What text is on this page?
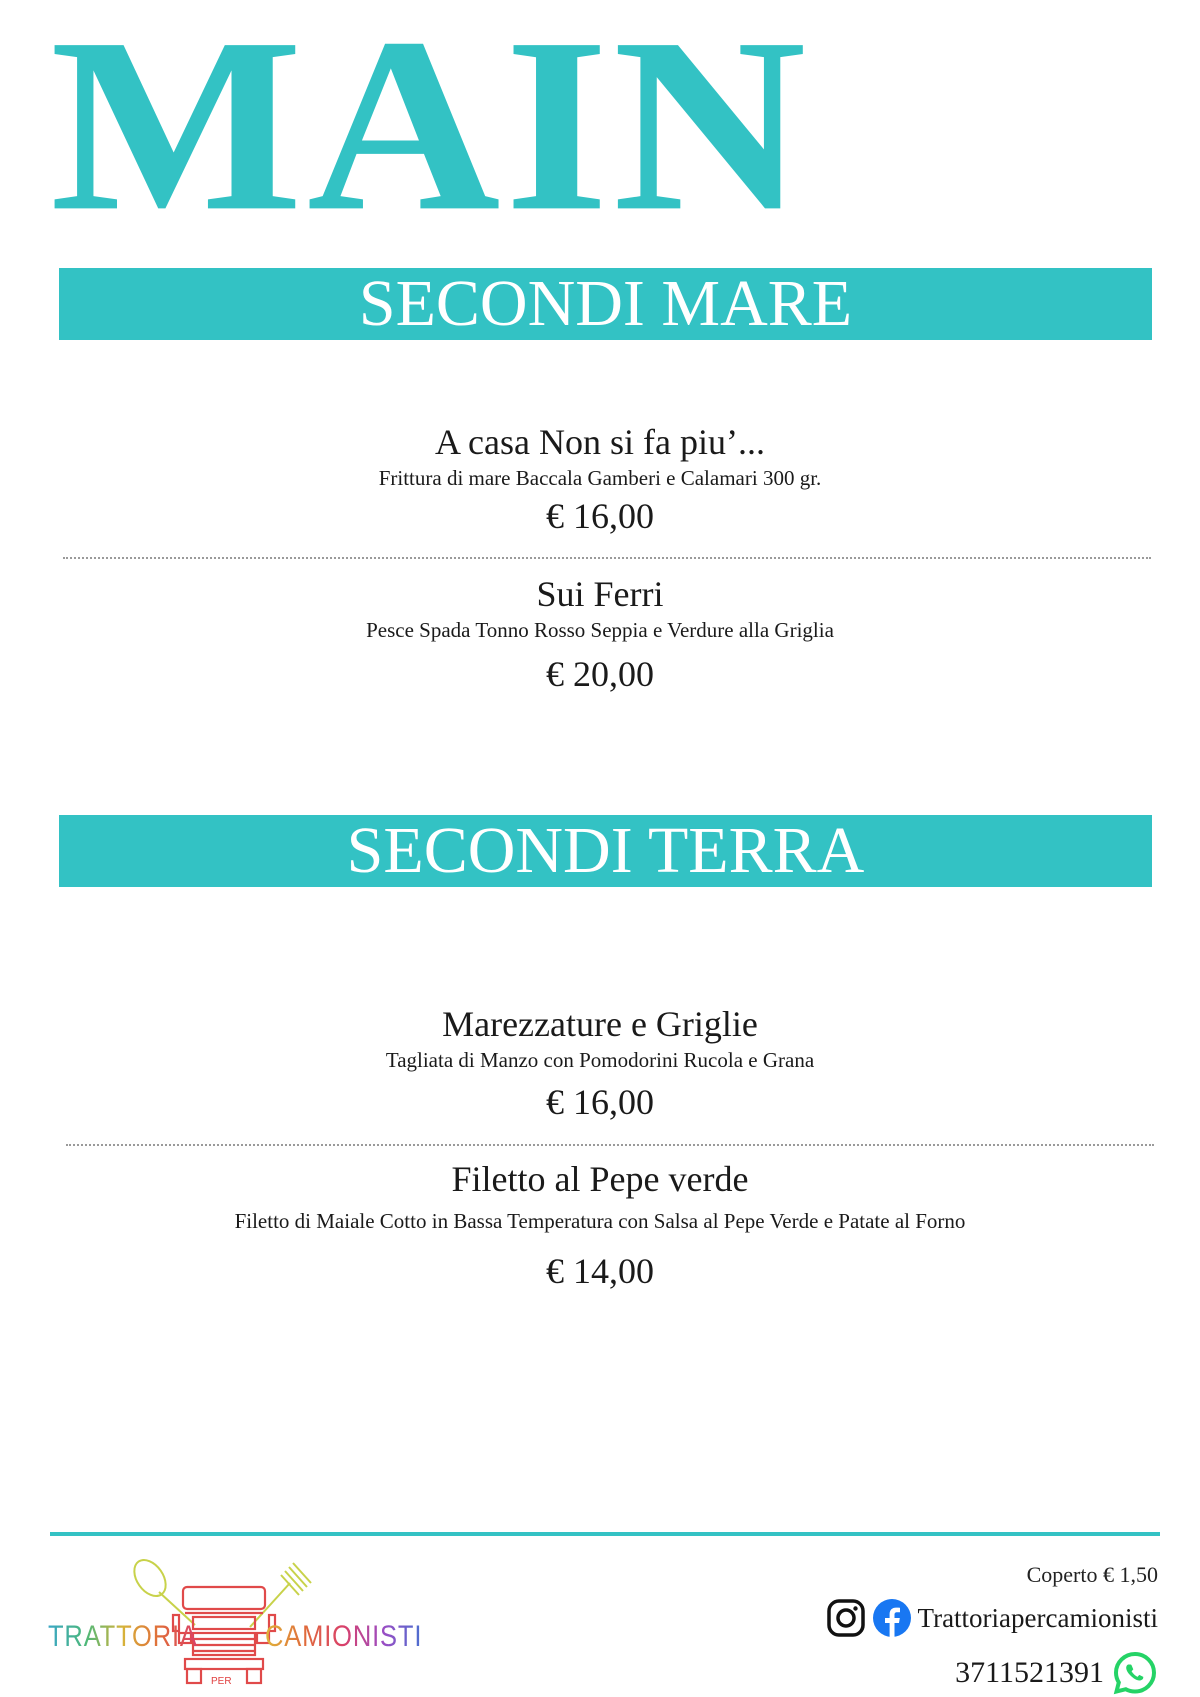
MAIN
SECONDI MARE
A casa Non si fa piu’...
Frittura di mare Baccala Gamberi e Calamari 300 gr.
€ 16,00
Sui Ferri
Pesce Spada Tonno Rosso Seppia e Verdure alla Griglia
€ 20,00
SECONDI TERRA
Marezzature e Griglie
Tagliata di Manzo con Pomodorini Rucola e Grana
€ 16,00
Filetto al Pepe verde
Filetto di Maiale Cotto in Bassa Temperatura con Salsa al Pepe Verde e Patate al Forno
€ 14,00
TRATTORIA
PER
CAMIONISTI
Coperto € 1,50
Trattoriapercamionisti
3711521391
